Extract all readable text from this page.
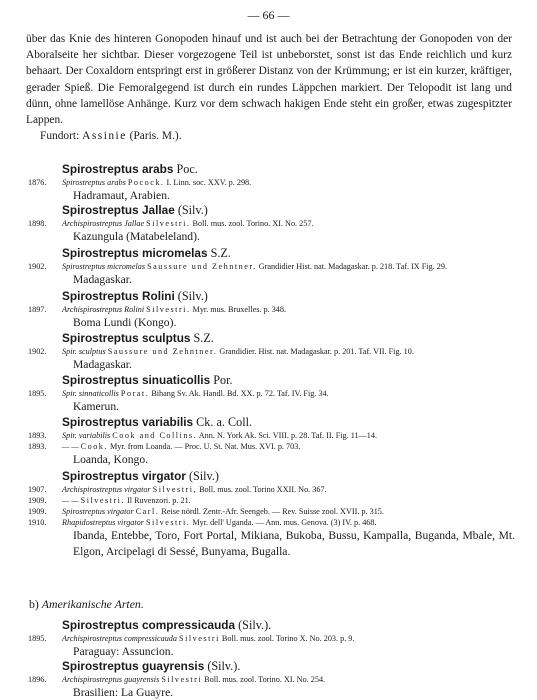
— 66 —

über das Knie des hinteren Gonopoden hinauf und ist auch bei der Betrachtung der Gonopoden von der Aboralseite her sichtbar. Dieser vorgezogene Teil ist unbeborstet, sonst ist das Ende reichlich und kurz behaart. Der Coxaldorn entspringt erst in größerer Distanz von der Krümmung; er ist ein kurzer, kräftiger, gerader Spieß. Die Femoralgegend ist durch ein rundes Läppchen markiert. Der Telopodit ist lang und dünn, ohne lamellöse Anhänge. Kurz vor dem schwach hakigen Ende steht ein großer, etwas zugespitzter Lappen.

Fundort: Assinie (Paris. M.).

Spirostreptus arabs Poc.
1876. Spirostreptus arabs Pocock. I. Linn. soc. XXV. p. 298.
Hadramaut, Arabien.
Spirostreptus Jallae (Silv.)
1898. Archispirostreptus Jallae Silvestri. Boll. mus. zool. Torino. XI. No. 257.
Kazungula (Matabeleland).
Spirostreptus micromelas S.Z.
1902. Spirostreptus micromelas Saussure und Zehntner. Grandidier Hist. nat. Madagaskar. p. 218. Taf. IX Fig. 29.
Madagaskar.
Spirostreptus Rolini (Silv.)
1897. Archispirostreptus Rolini Silvestri. Myr. mus. Bruxelles. p. 348.
Boma Lundi (Kongo).
Spirostreptus sculptus S.Z.
1902. Spir. sculptus Saussure und Zehntner. Grandidier. Hist. nat. Madagaskar. p. 201. Taf. VII. Fig. 10.
Madagaskar.
Spirostreptus sinuaticollis Por.
1895. Spir. sinnaticollis Porat. Bihang Sv. Ak. Handl. Bd. XX. p. 72. Taf. IV. Fig. 34.
Kamerun.
Spirostreptus variabilis Ck. a. Coll.
1893. Spir. variabilis Cook and Collins. Ann. N. York Ak. Sci. VIII. p. 28. Taf. II. Fig. 11—14.
1893. — — Cook. Myr. from Loanda. — Proc. U. St. Nat. Mus. XVI. p. 703.
Loanda, Kongo.
Spirostreptus virgator (Silv.)
1907. Archispirostreptus virgator Silvestri, Boll. mus. zool. Torino XXII. No. 367.
1909. — — Silvestri. Il Ruvenzori. p. 21.
1909. Spirostreptus virgator Carl. Reise nördl. Zentr.-Afr. Seengeb. — Rev. Suisse zool. XVII. p. 315.
1910. Rhapidostreptus virgator Silvestri. Myr. dell' Uganda. — Ann. mus. Genova. (3) IV. p. 468.
Ibanda, Entebbe, Toro, Fort Portal, Mikiana, Bukoba, Bussu, Kampalla, Buganda, Mbale, Mt. Elgon, Arcipelagi di Sessé, Bunyama, Bugalla.
b) Amerikanische Arten.
Spirostreptus compressicauda (Silv.).
1895. Archispirostreptus compressicauda Silvestri Boll. mus. zool. Torino X. No. 203. p. 9.
Paraguay: Assuncion.
Spirostreptus guayrensis (Silv.).
1896. Archispirostreptus guayrensis Silvestri Boll. mus. zool. Torino. XI. No. 254.
Brasilien: La Guayre.
